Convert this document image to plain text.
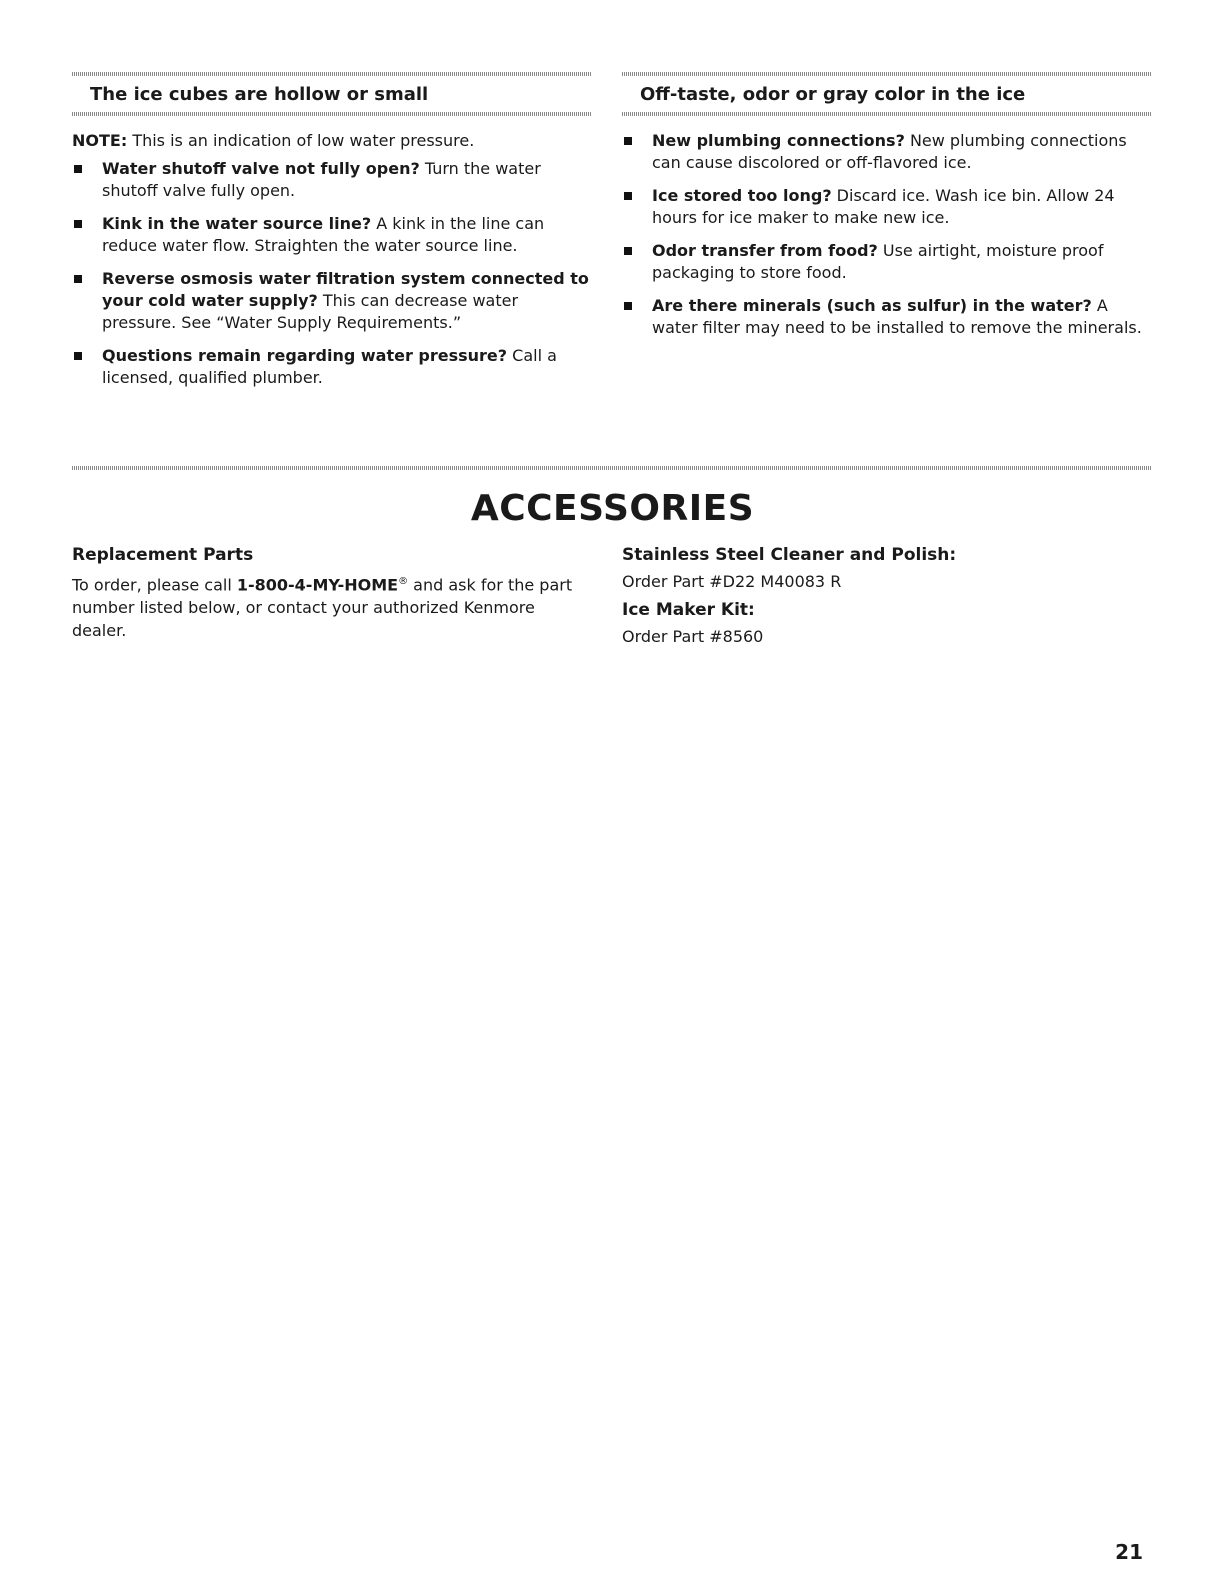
The ice cubes are hollow or small

NOTE: This is an indication of low water pressure.

Water shutoff valve not fully open? Turn the water shutoff valve fully open.
Kink in the water source line? A kink in the line can reduce water flow. Straighten the water source line.
Reverse osmosis water filtration system connected to your cold water supply? This can decrease water pressure. See “Water Supply Requirements.”
Questions remain regarding water pressure? Call a licensed, qualified plumber.
Off-taste, odor or gray color in the ice
New plumbing connections? New plumbing connections can cause discolored or off-flavored ice.
Ice stored too long? Discard ice. Wash ice bin. Allow 24 hours for ice maker to make new ice.
Odor transfer from food? Use airtight, moisture proof packaging to store food.
Are there minerals (such as sulfur) in the water? A water filter may need to be installed to remove the minerals.
ACCESSORIES
Replacement Parts

To order, please call 1-800-4-MY-HOME® and ask for the part number listed below, or contact your authorized Kenmore dealer.

Stainless Steel Cleaner and Polish:

Order Part #D22 M40083 R

Ice Maker Kit:

Order Part #8560

21
